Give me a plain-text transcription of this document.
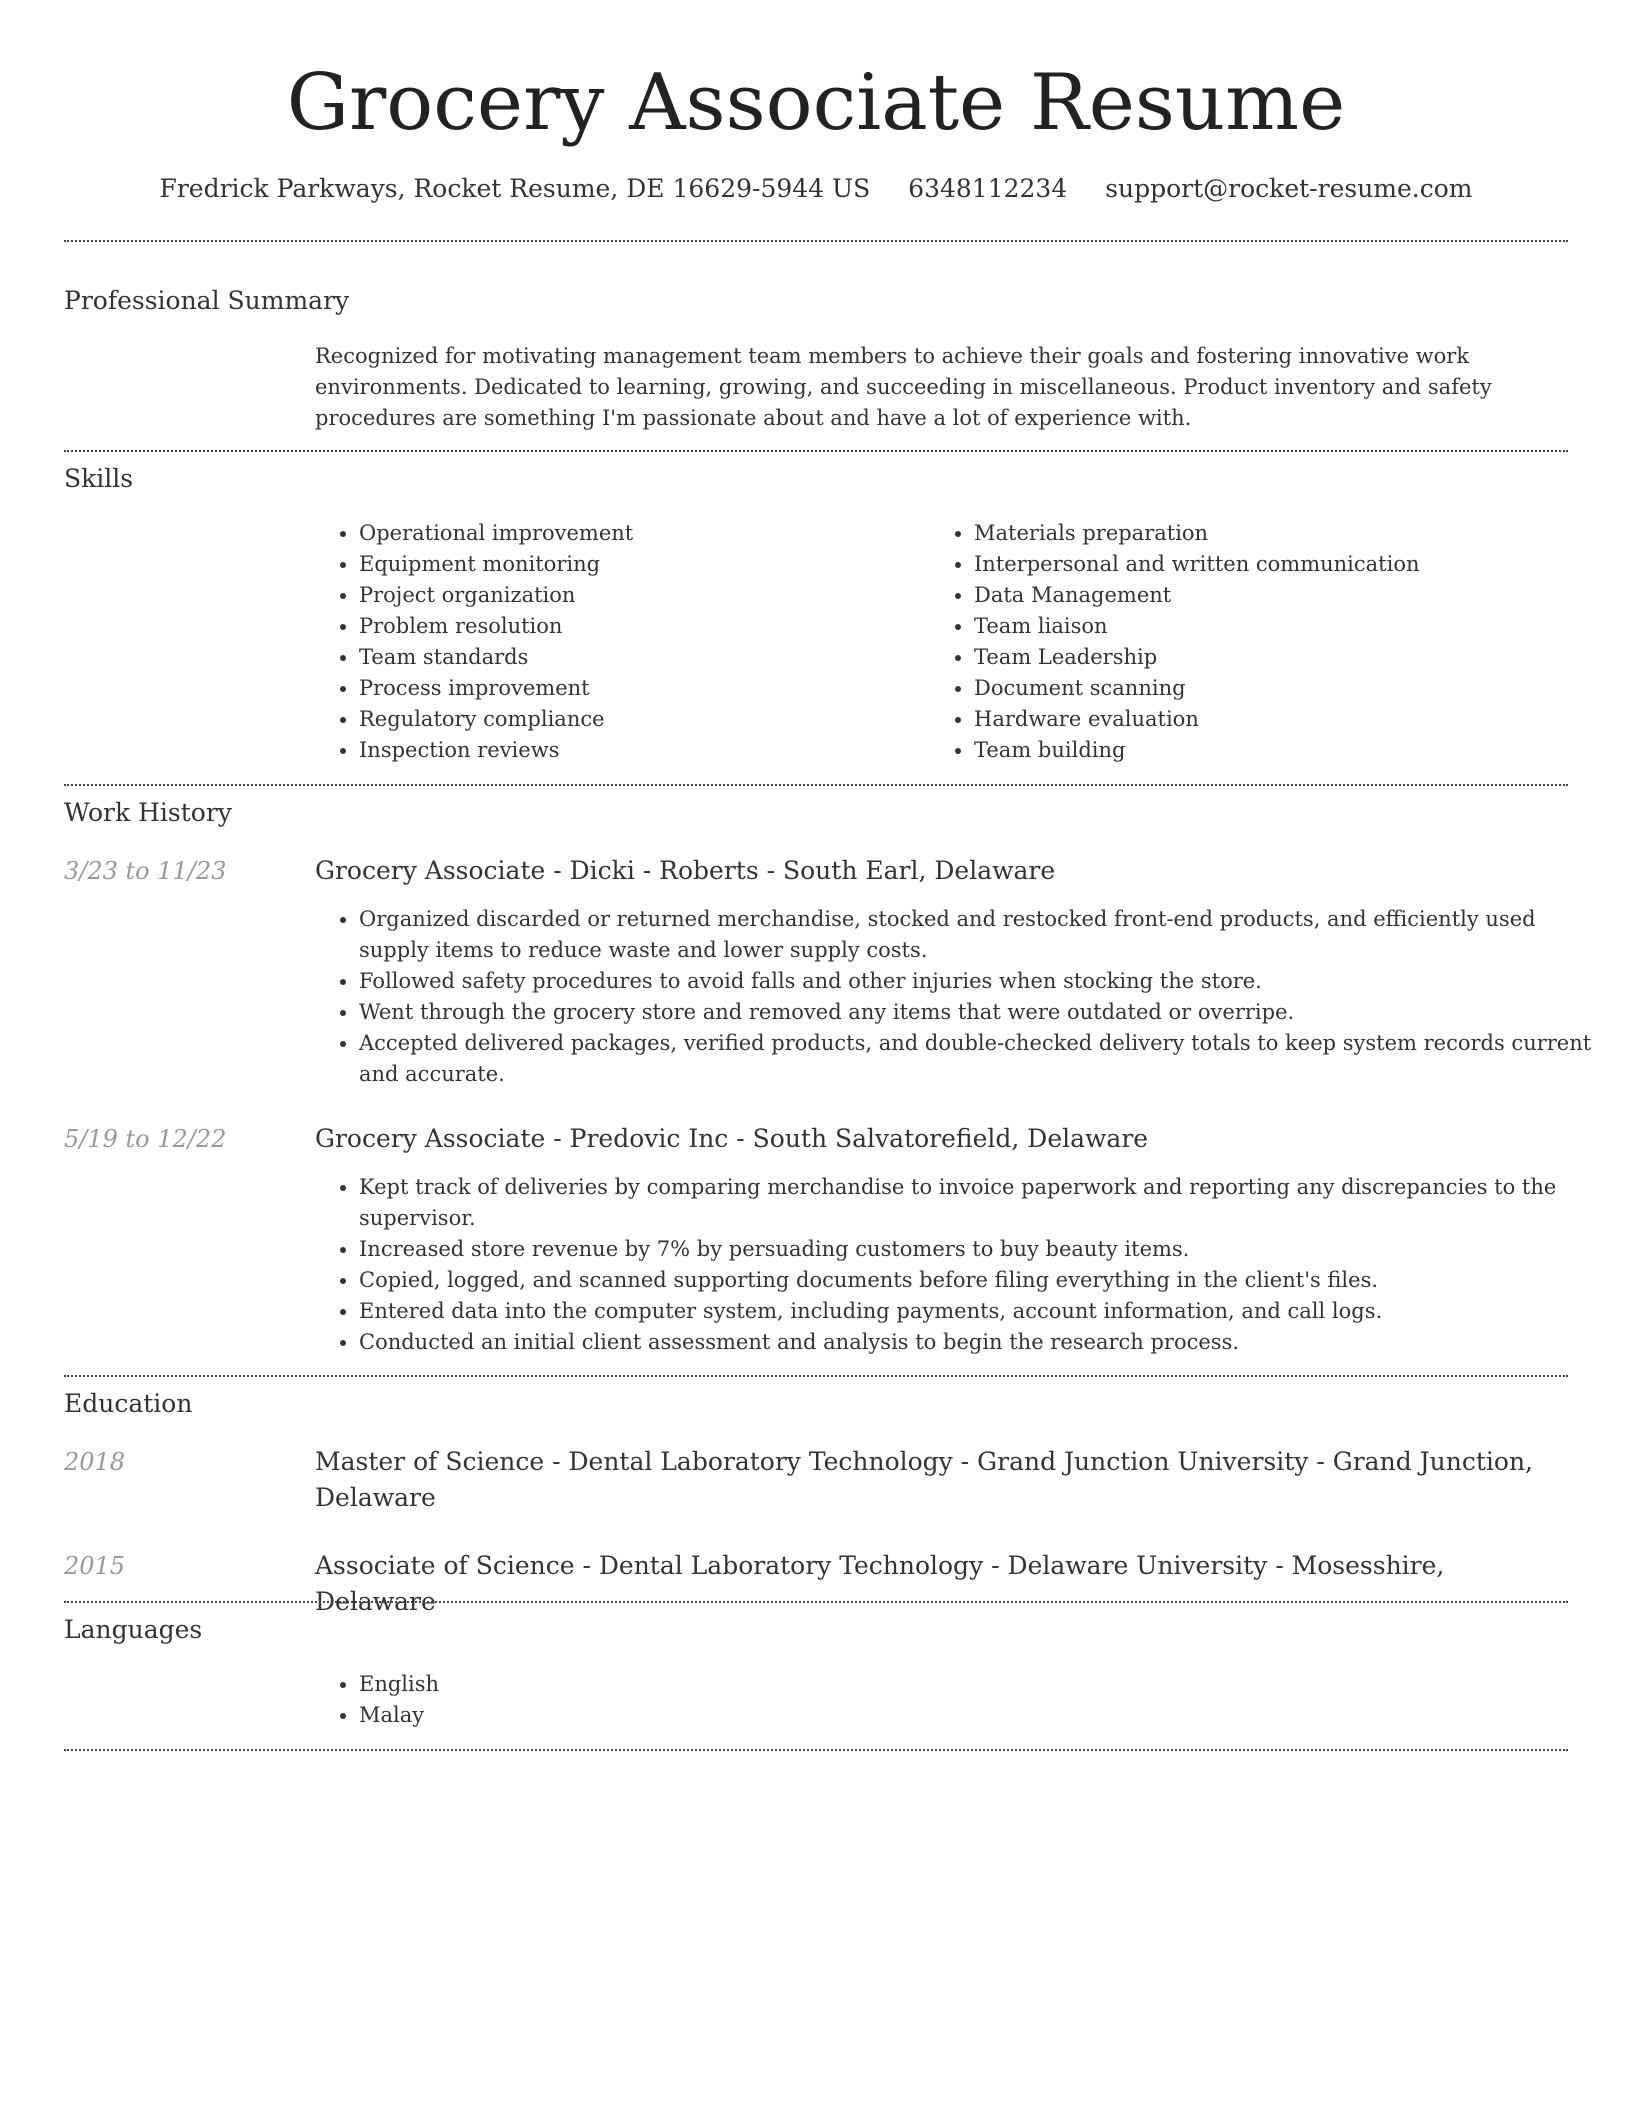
Grocery Associate Resume
Fredrick Parkways, Rocket Resume, DE 16629-5944 US 6348112234 support@rocket-resume.com
Professional Summary

Recognized for motivating management team members to achieve their goals and fostering innovative work environments. Dedicated to learning, growing, and succeeding in miscellaneous. Product inventory and safety procedures are something I'm passionate about and have a lot of experience with.

Skills
• Operational improvement
• Equipment monitoring
• Project organization
• Problem resolution
• Team standards
• Process improvement
• Regulatory compliance
• Inspection reviews
• Materials preparation
• Interpersonal and written communication
• Data Management
• Team liaison
• Team Leadership
• Document scanning
• Hardware evaluation
• Team building
Work History
3/23 to 11/23	Grocery Associate - Dicki - Roberts - South Earl, Delaware
• Organized discarded or returned merchandise, stocked and restocked front-end products, and efficiently used supply items to reduce waste and lower supply costs.
• Followed safety procedures to avoid falls and other injuries when stocking the store.
• Went through the grocery store and removed any items that were outdated or overripe.
• Accepted delivered packages, verified products, and double-checked delivery totals to keep system records current and accurate.
5/19 to 12/22	Grocery Associate - Predovic Inc - South Salvatorefield, Delaware
• Kept track of deliveries by comparing merchandise to invoice paperwork and reporting any discrepancies to the supervisor.
• Increased store revenue by 7% by persuading customers to buy beauty items.
• Copied, logged, and scanned supporting documents before filing everything in the client's files.
• Entered data into the computer system, including payments, account information, and call logs.
• Conducted an initial client assessment and analysis to begin the research process.
Education
2018	Master of Science - Dental Laboratory Technology - Grand Junction University - Grand Junction, Delaware
2015	Associate of Science - Dental Laboratory Technology - Delaware University - Mosesshire, Delaware
Languages
• English
• Malay
